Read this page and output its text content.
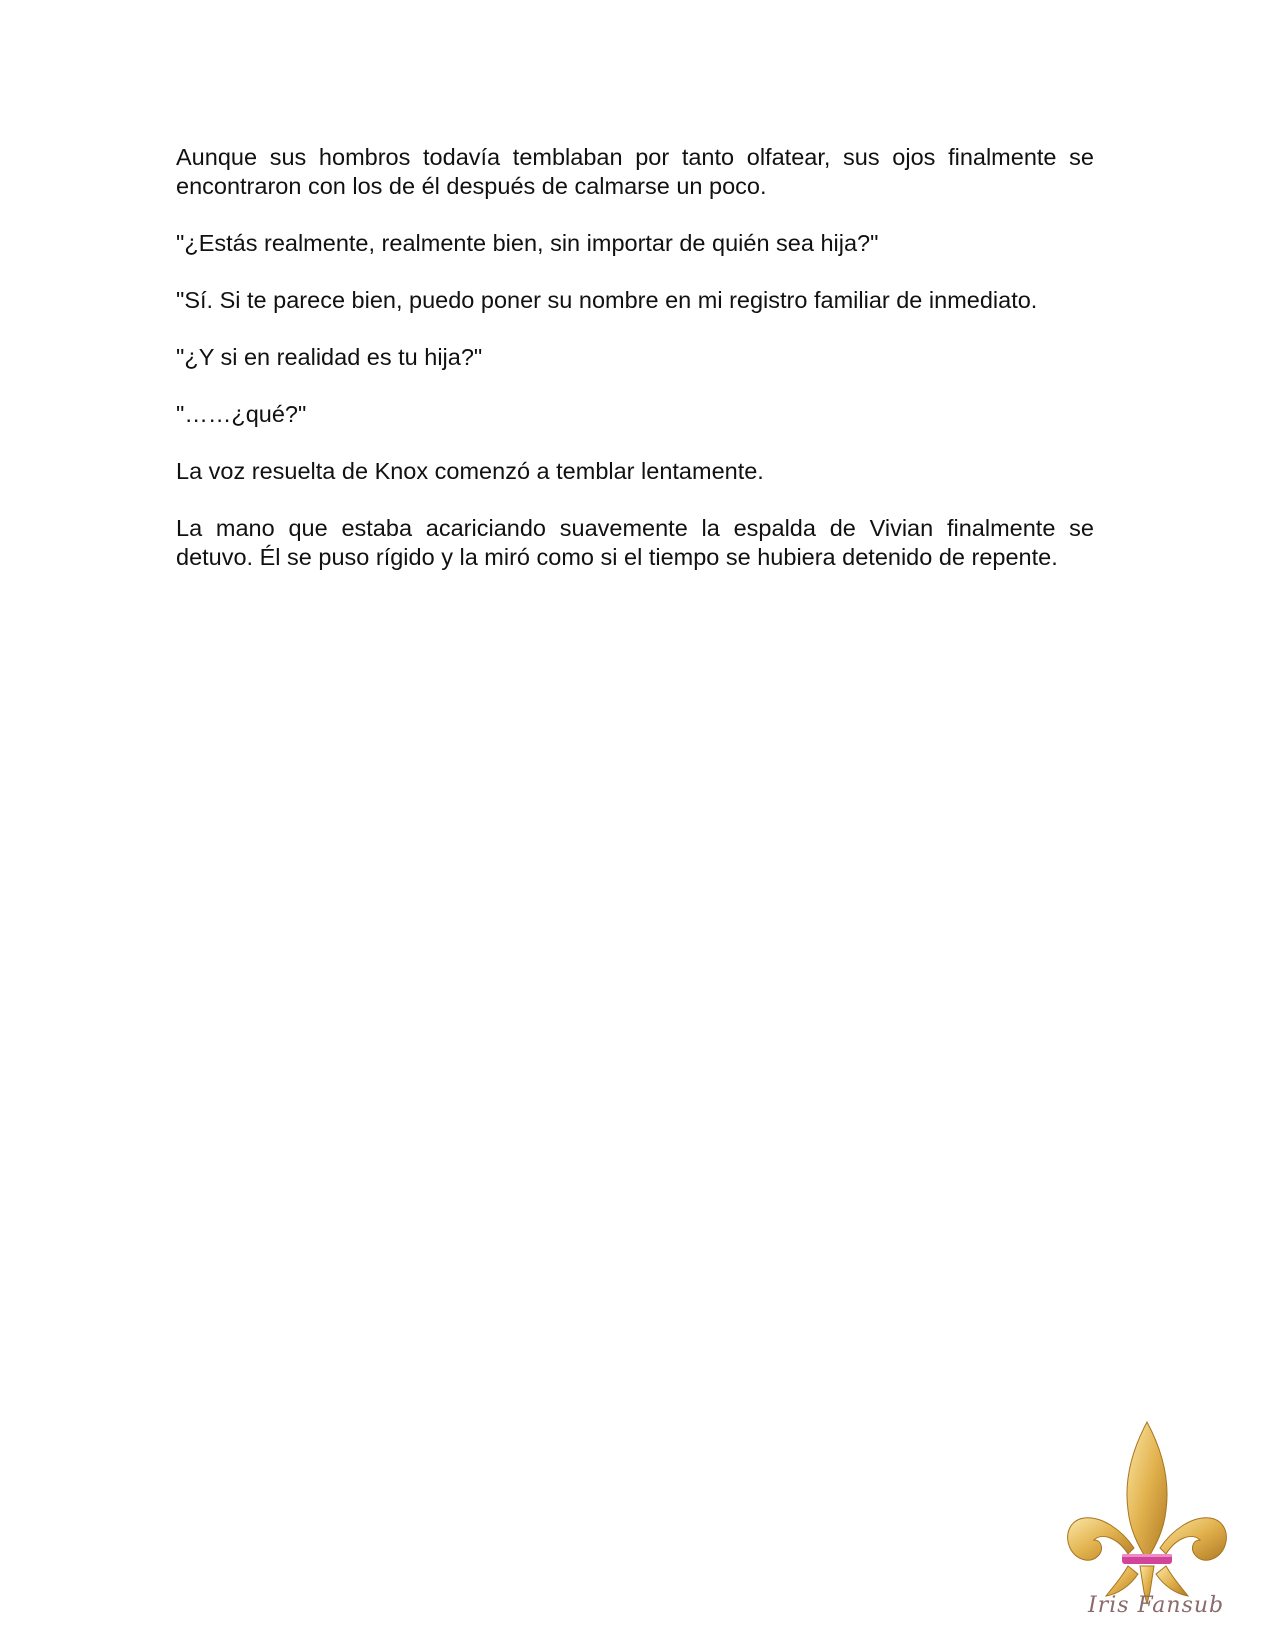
Aunque sus hombros todavía temblaban por tanto olfatear, sus ojos finalmente se encontraron con los de él después de calmarse un poco.

"¿Estás realmente, realmente bien, sin importar de quién sea hija?"

"Sí. Si te parece bien, puedo poner su nombre en mi registro familiar de inmediato.

"¿Y si en realidad es tu hija?"

"……¿qué?"

La voz resuelta de Knox comenzó a temblar lentamente.

La mano que estaba acariciando suavemente la espalda de Vivian finalmente se detuvo. Él se puso rígido y la miró como si el tiempo se hubiera detenido de repente.

Iris Fansub
